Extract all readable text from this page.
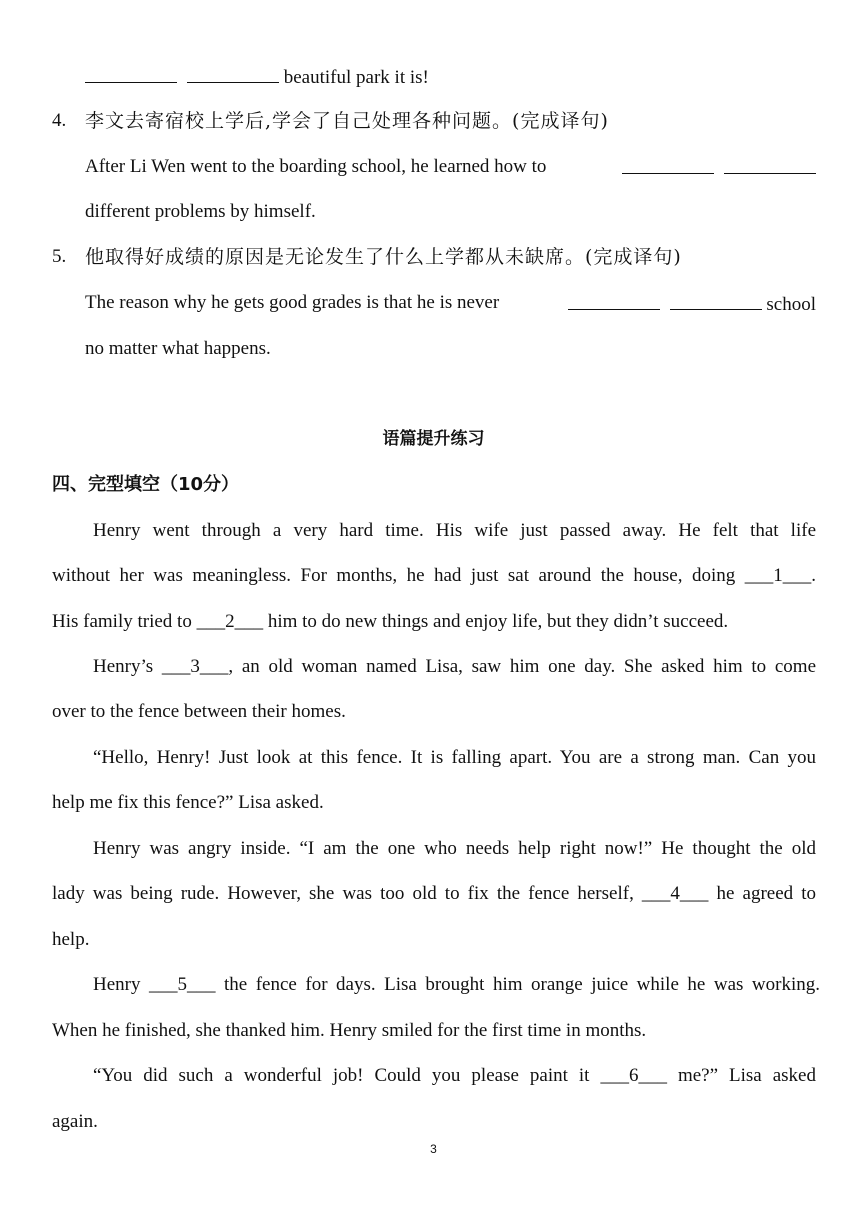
beautiful park it is!
4. 李文去寄宿校上学后,学会了自己处理各种问题。(完成译句)
After Li Wen went to the boarding school, he learned how to
different problems by himself.
5. 他取得好成绩的原因是无论发生了什么上学都从未缺席。(完成译句)
The reason why he gets good grades is that he is never	school
no matter what happens.
语篇提升练习
四、完型填空（10分）
Henry went through a very hard time. His wife just passed away. He felt that life
without her was meaningless. For months, he had just sat around the house, doing ___1___.
His family tried to ___2___ him to do new things and enjoy life, but they didn’t succeed.
Henry’s ___3___, an old woman named Lisa, saw him one day. She asked him to come
over to the fence between their homes.
“Hello, Henry! Just look at this fence. It is falling apart. You are a strong man. Can you
help me fix this fence?” Lisa asked.
Henry was angry inside. “I am the one who needs help right now!” He thought the old
lady was being rude. However, she was too old to fix the fence herself, ___4___ he agreed to
help.
Henry ___5___ the fence for days. Lisa brought him orange juice while he was working.
When he finished, she thanked him. Henry smiled for the first time in months.
“You did such a wonderful job! Could you please paint it ___6___ me?” Lisa asked
again.
3
